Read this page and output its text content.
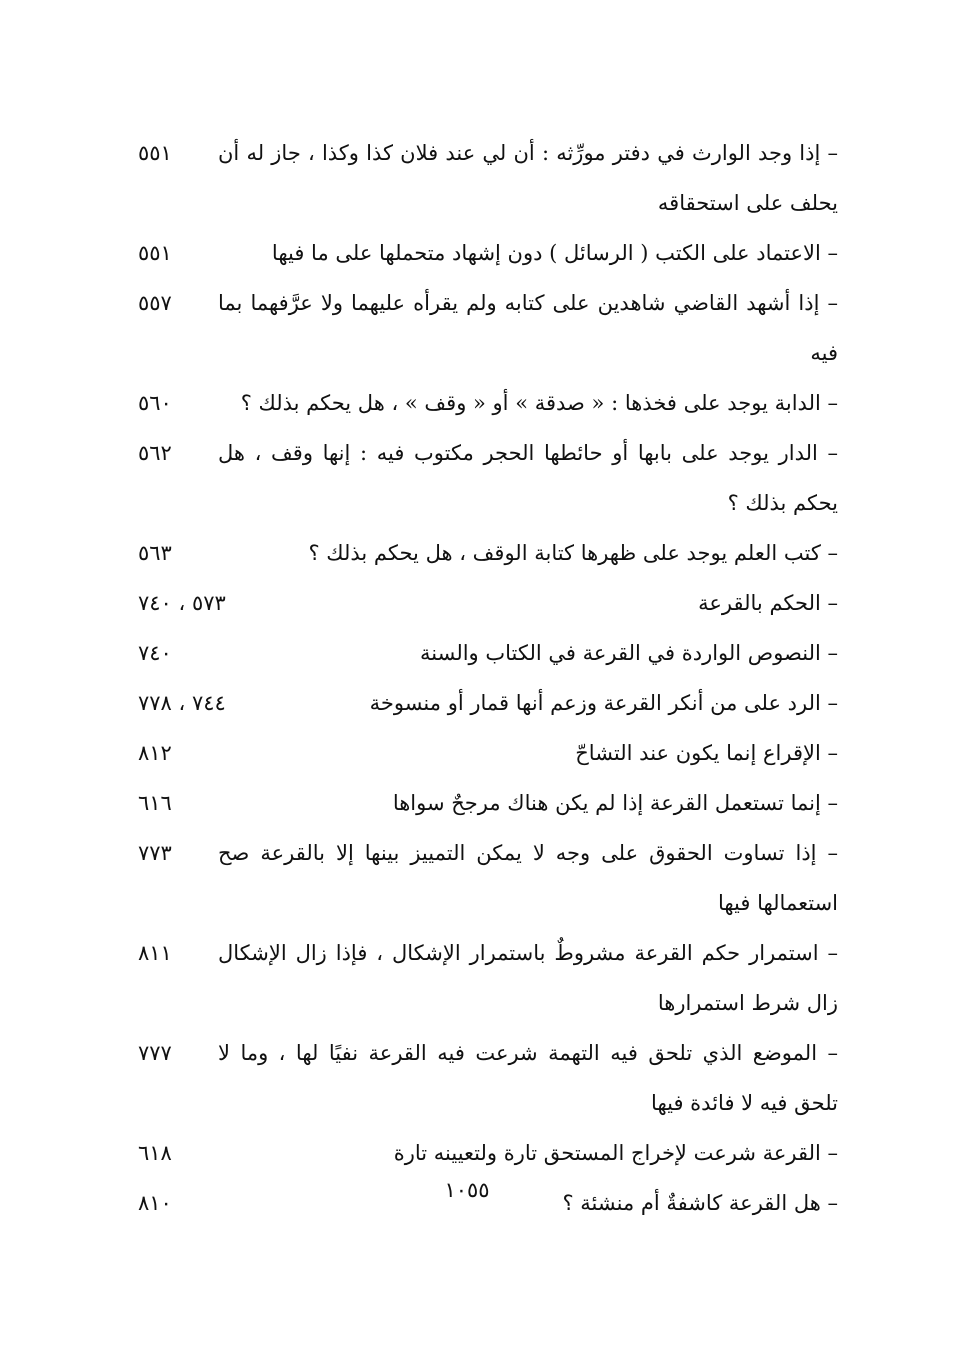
– إذا وجد الوارث في دفتر مورِّثه : أن لي عند فلان كذا وكذا ، جاز له أن يحلف على استحقاقه
٥٥١
– الاعتماد على الكتب ( الرسائل ) دون إشهاد متحملها على ما فيها
٥٥١
– إذا أشهد القاضي شاهدين على كتابه ولم يقرأه عليهما ولا عرَّفهما بما فيه
٥٥٧
– الدابة يوجد على فخذها : « صدقة » أو « وقف » ، هل يحكم بذلك ؟
٥٦٠
– الدار يوجد على بابها أو حائطها الحجر مكتوب فيه : إنها وقف ، هل يحكم بذلك ؟
٥٦٢
– كتب العلم يوجد على ظهرها كتابة الوقف ، هل يحكم بذلك ؟
٥٦٣
– الحكم بالقرعة
٥٧٣ ، ٧٤٠
– النصوص الواردة في القرعة في الكتاب والسنة
٧٤٠
– الرد على من أنكر القرعة وزعم أنها قمار أو منسوخة
٧٤٤ ، ٧٧٨
– الإقراع إنما يكون عند التشاحّ
٨١٢
– إنما تستعمل القرعة إذا لم يكن هناك مرجحٌ سواها
٦١٦
– إذا تساوت الحقوق على وجه لا يمكن التمييز بينها إلا بالقرعة صح استعمالها فيها
٧٧٣
– استمرار حكم القرعة مشروطٌ باستمرار الإشكال ، فإذا زال الإشكال زال شرط استمرارها
٨١١
– الموضع الذي تلحق فيه التهمة شرعت فيه القرعة نفيًا لها ، وما لا تلحق فيه لا فائدة فيها
٧٧٧
– القرعة شرعت لإخراج المستحق تارة ولتعيينه تارة
٦١٨
– هل القرعة كاشفةٌ أم منشئة ؟
٨١٠
١٠٥٥
